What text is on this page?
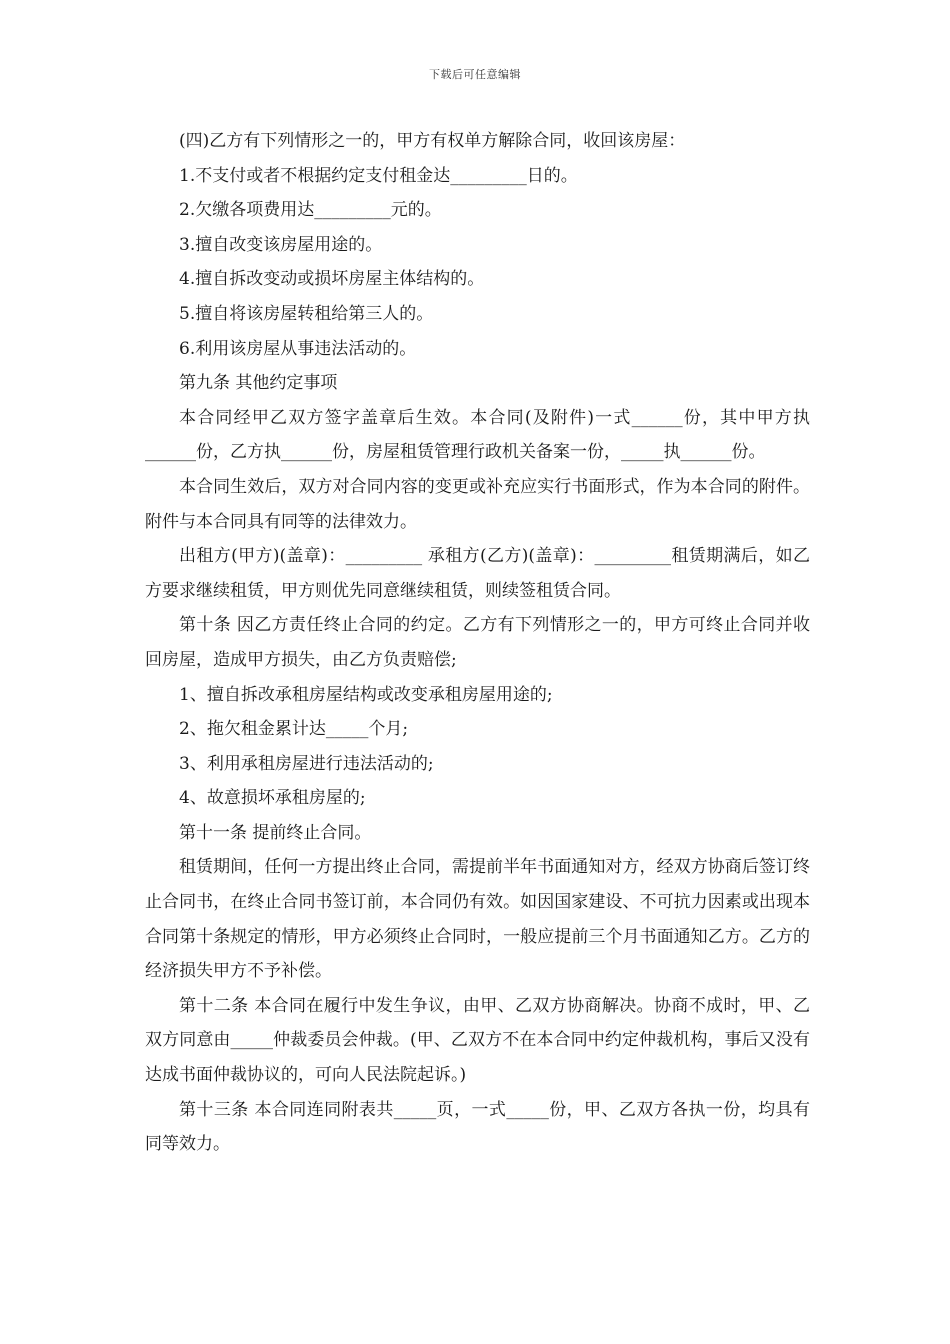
下载后可任意编辑

(四)乙方有下列情形之一的，甲方有权单方解除合同，收回该房屋：

1.不支付或者不根据约定支付租金达_________日的。

2.欠缴各项费用达_________元的。

3.擅自改变该房屋用途的。

4.擅自拆改变动或损坏房屋主体结构的。

5.擅自将该房屋转租给第三人的。

6.利用该房屋从事违法活动的。

第九条 其他约定事项

本合同经甲乙双方签字盖章后生效。本合同(及附件)一式______份，其中甲方执______份，乙方执______份，房屋租赁管理行政机关备案一份，_____执______份。

本合同生效后，双方对合同内容的变更或补充应实行书面形式，作为本合同的附件。附件与本合同具有同等的法律效力。

出租方(甲方)(盖章)：_________ 承租方(乙方)(盖章)：_________租赁期满后，如乙方要求继续租赁，甲方则优先同意继续租赁，则续签租赁合同。

第十条 因乙方责任终止合同的约定。乙方有下列情形之一的，甲方可终止合同并收回房屋，造成甲方损失，由乙方负责赔偿;

1、擅自拆改承租房屋结构或改变承租房屋用途的;

2、拖欠租金累计达_____个月;

3、利用承租房屋进行违法活动的;

4、故意损坏承租房屋的;

第十一条 提前终止合同。

租赁期间，任何一方提出终止合同，需提前半年书面通知对方，经双方协商后签订终止合同书，在终止合同书签订前，本合同仍有效。如因国家建设、不可抗力因素或出现本合同第十条规定的情形，甲方必须终止合同时，一般应提前三个月书面通知乙方。乙方的经济损失甲方不予补偿。

第十二条 本合同在履行中发生争议，由甲、乙双方协商解决。协商不成时，甲、乙双方同意由_____仲裁委员会仲裁。(甲、乙双方不在本合同中约定仲裁机构，事后又没有达成书面仲裁协议的，可向人民法院起诉。)

第十三条 本合同连同附表共_____页，一式_____份，甲、乙双方各执一份，均具有同等效力。
